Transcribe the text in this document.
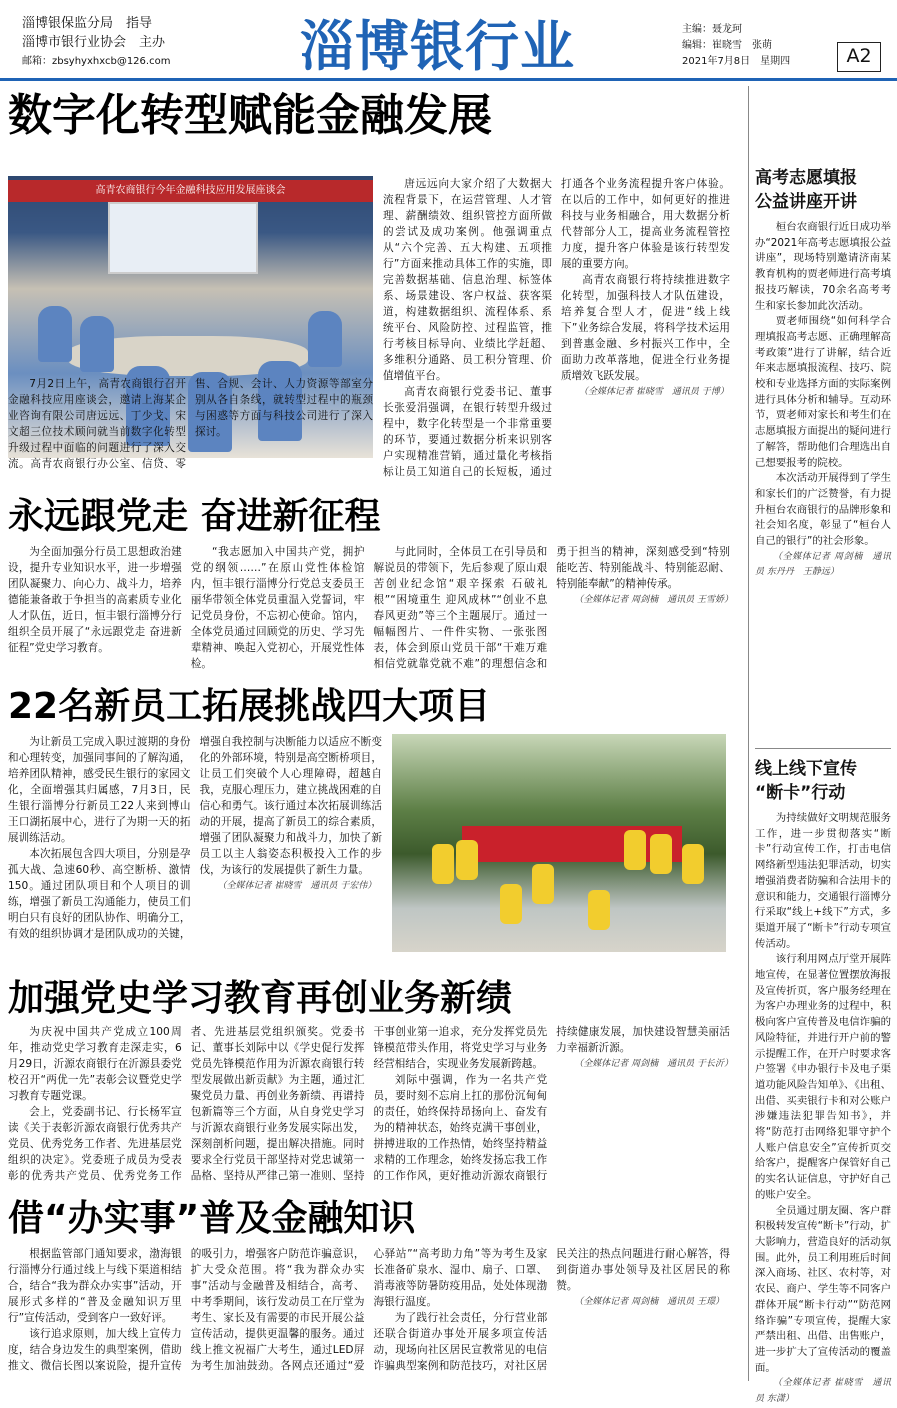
淄博银保监分局　指导
淄博市银行业协会　主办
邮箱：zbsyhyxhxcb@126.com 淄博银行业	主编：聂龙珂
编辑：崔晓雪　张萌
2021年7月8日　星期四	A2
数字化转型赋能金融发展
高青农商银行今年金融科技应用发展座谈会

7月2日上午，高青农商银行召开金融科技应用座谈会，邀请上海某企业咨询有限公司唐远远、丁少戈、宋文超三位技术顾问就当前数字化转型升级过程中面临的问题进行了深入交流。高青农商银行办公室、信贷、零售、合规、会计、人力资源等部室分别从各自条线，就转型过程中的瓶颈与困惑等方面与科技公司进行了深入探讨。

唐远远向大家介绍了大数据大流程背景下，在运营管理、人才管理、薪酬绩效、组织管控方面所做的尝试及成功案例。他强调重点从“六个完善、五大构建、五项推行”方面来推动具体工作的实施，即完善数据基础、信息治理、标签体系、场景建设、客户权益、获客渠道，构建数据组织、流程体系、系统平台、风险防控、过程监管，推行考核目标导向、业绩比学赶超、多维积分通路、员工积分管理、价值增值平台。

高青农商银行党委书记、董事长张爱涓强调，在银行转型升级过程中，数字化转型是一个非常重要的环节，要通过数据分析来识别客户实现精准营销，通过量化考核指标让员工知道自己的长短板，通过打通各个业务流程提升客户体验。在以后的工作中，如何更好的推进科技与业务相融合，用大数据分析代替部分人工，提高业务流程管控力度，提升客户体验是该行转型发展的重要方向。

高青农商银行将持续推进数字化转型，加强科技人才队伍建设，培养复合型人才，促进“线上线下”业务综合发展，将科学技术运用到普惠金融、乡村振兴工作中，全面助力改革落地，促进全行业务提质增效飞跃发展。

（全媒体记者 崔晓雪　通讯员 于博）

永远跟党走 奋进新征程

为全面加强分行员工思想政治建设，提升专业知识水平，进一步增强团队凝聚力、向心力、战斗力，培养德能兼备敢于争担当的高素质专业化人才队伍，近日，恒丰银行淄博分行组织全员开展了“永远跟党走 奋进新征程”党史学习教育。

“我志愿加入中国共产党，拥护党的纲领……”在原山党性体检馆内，恒丰银行淄博分行党总支委员王丽华带领全体党员重温入党誓词，牢记党员身份，不忘初心使命。馆内，全体党员通过回顾党的历史、学习先辈精神、唤起入党初心，开展党性体检。

与此同时，全体员工在引导员和解说员的带领下，先后参观了原山艰苦创业纪念馆“艰辛探索 石破礼根”“困境重生 迎风成林”“创业不息 春风更劲”等三个主题展厅。通过一幅幅图片、一件件实物、一张张图表，体会到原山党员干部“干难万难相信党就靠党就不难”的理想信念和勇于担当的精神，深刻感受到“特别能吃苦、特别能战斗、特别能忍耐、特别能奉献”的精神传承。

（全媒体记者 周剑楠　通讯员 王雪娇）

22名新员工拓展挑战四大项目

为让新员工完成入职过渡期的身份和心理转变，加强同事间的了解沟通，培养团队精神，感受民生银行的家园文化，全面增强其归属感，7月3日，民生银行淄博分行新员工22人来到博山王口湖拓展中心，进行了为期一天的拓展训练活动。

本次拓展包含四大项目，分别是孕孤大战、急速60秒、高空断桥、激情150。通过团队项目和个人项目的训练，增强了新员工沟通能力，使员工们明白只有良好的团队协作、明确分工，有效的组织协调才是团队成功的关键，增强自我控制与决断能力以适应不断变化的外部环境，特别是高空断桥项目，让员工们突破个人心理障碍，超越自我，克服心理压力，建立挑战困难的自信心和勇气。该行通过本次拓展训练活动的开展，提高了新员工的综合素质，增强了团队凝聚力和战斗力，加快了新员工以主人翁姿态积极投入工作的步伐，为该行的发展提供了新生力量。

（全媒体记者 崔晓雪　通讯员 于宏伟）

加强党史学习教育再创业务新绩

为庆祝中国共产党成立100周年，推动党史学习教育走深走实，6月29日，沂源农商银行在沂源县委党校召开“两优一先”表彰会议暨党史学习教育专题党课。

会上，党委副书记、行长杨军宣读《关于表彰沂源农商银行优秀共产党员、优秀党务工作者、先进基层党组织的决定》。党委班子成员为受表彰的优秀共产党员、优秀党务工作者、先进基层党组织颁奖。党委书记、董事长刘际中以《学史促行发挥党员先锋模范作用为沂源农商银行转型发展做出新贡献》为主题，通过汇聚党员力量、再创业务新绩、再谱持包新篇等三个方面，从自身党史学习与沂源农商银行业务发展实际出发，深刻剖析问题，提出解决措施。同时要求全行党员干部坚持对党忠诚第一品格、坚持从严律己第一准则、坚持干事创业第一追求，充分发挥党员先锋模范带头作用，将党史学习与业务经营相结合，实现业务发展新跨越。

刘际中强调，作为一名共产党员，要时刻不忘肩上扛的那份沉甸甸的责任，始终保持昂扬向上、奋发有为的精神状态，始终克满干事创业，拼搏进取的工作热情，始终坚持精益求精的工作理念，始终发扬忘我工作的工作作风，更好推动沂源农商银行持续健康发展，加快建设智慧美丽活力幸福新沂源。

（全媒体记者 周剑楠　通讯员 于长沂）

借“办实事”普及金融知识

根据监管部门通知要求，渤海银行淄博分行通过线上与线下渠道相结合，结合“我为群众办实事”活动，开展形式多样的“普及金融知识万里行”宣传活动，受到客户一致好评。

该行追求原则，加大线上宣传力度，结合身边发生的典型案例，借助推文、微信长图以案说险，提升宣传的吸引力，增强客户防范诈骗意识，扩大受众范围。将“我为群众办实事”活动与金融普及相结合，高考、中考季期间，该行发动员工在厅堂为考生、家长及有需要的市民开展公益宣传活动，提供更温馨的服务。通过线上推文祝福广大考生，通过LED屏为考生加油鼓劲。各网点还通过“爱心驿站”“高考助力角”等为考生及家长准备矿泉水、湿巾、扇子、口罩、消毒液等防暑防疫用品，处处体现渤海银行温度。

为了践行社会责任，分行营业部还联合街道办事处开展多项宣传活动，现场向社区居民宣教常见的电信诈骗典型案例和防范技巧，对社区居民关注的热点问题进行耐心解答，得到街道办事处领导及社区居民的称赞。

（全媒体记者 周剑楠　通讯员 王璟）

高考志愿填报
公益讲座开讲

桓台农商银行近日成功举办“2021年高考志愿填报公益讲座”，现场特别邀请济南某教育机构的贾老师进行高考填报技巧解读，70余名高考考生和家长参加此次活动。

贾老师围绕“如何科学合理填报高考志愿、正确理解高考政策”进行了讲解，结合近年来志愿填报流程、技巧、院校和专业选择方面的实际案例进行具体分析和辅导。互动环节，贾老师对家长和考生们在志愿填报方面提出的疑问进行了解答，帮助他们合理选出自己想要报考的院校。

本次活动开展得到了学生和家长们的广泛赞誉，有力提升桓台农商银行的品牌形象和社会知名度，彰显了“桓台人自己的银行”的社会形象。

（全媒体记者 周剑楠　通讯员 东丹丹　王静远）

线上线下宣传
“断卡”行动

为持续做好文明规范服务工作，进一步贯彻落实“断卡”行动宣传工作，打击电信网络新型违法犯罪活动，切实增强消费者防骗和合法用卡的意识和能力，交通银行淄博分行采取“线上+线下”方式，多渠道开展了“断卡”行动专项宣传活动。

该行利用网点厅堂开展阵地宣传，在显著位置摆放海报及宣传折页，客户服务经理在为客户办理业务的过程中，积极向客户宣传普及电信诈骗的风险特征，并进行开户前的警示提醒工作，在开户时要求客户签署《申办银行卡及电子渠道功能风险告知单》、《出租、出借、买卖银行卡和对公账户涉嫌违法犯罪告知书》，并将“防范打击网络犯罪守护个人账户信息安全”宣传折页交给客户，提醒客户保管好自己的实名认证信息，守护好自己的账户安全。

全员通过朋友圈、客户群积极转发宣传“断卡”行动，扩大影响力，营造良好的活动氛围。此外，员工利用班后时间深入商场、社区、农村等，对农民、商户、学生等不同客户群体开展“断卡行动”“防范网络诈骗”专项宣传，提醒大家严禁出租、出借、出售账户，进一步扩大了宣传活动的覆盖面。

（全媒体记者 崔晓雪　通讯员 东潇）
